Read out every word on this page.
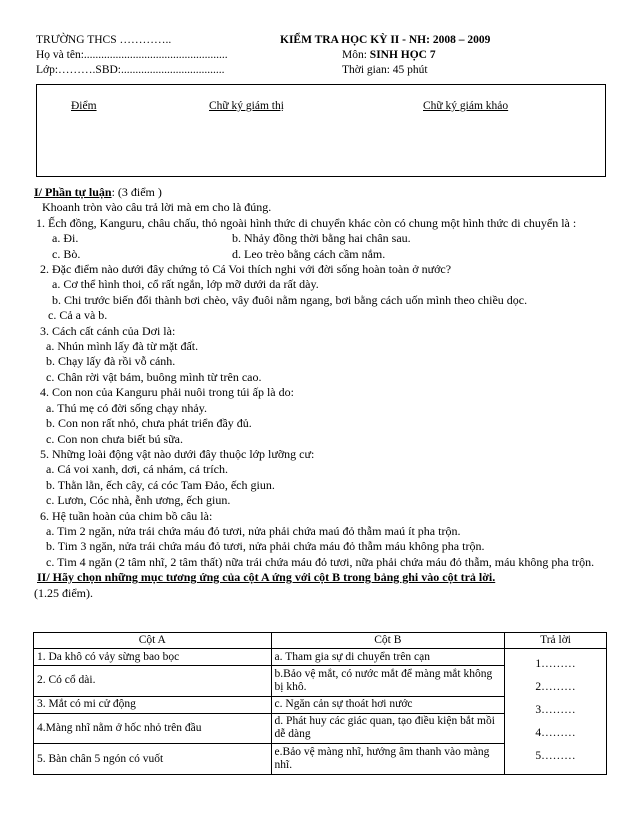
TRƯỜNG THCS …………..	KIỂM TRA HỌC KỲ II - NH: 2008 – 2009
Họ và tên:..................................................	Môn: SINH HỌC 7
Lớp:……….SBD:....................................	Thời gian: 45 phút
Điểm	Chữ ký giám thị	Chữ ký giám khảo

I/ Phần tự luận: (3 điểm )

Khoanh tròn vào câu trả lời mà em cho là đúng.

1. Ếch đồng, Kanguru, châu chấu, thỏ ngoài hình thức di chuyển khác còn có chung một hình thức di chuyển là :

a. Đi.	b. Nhảy đồng thời bằng hai chân sau.
c. Bò.	d. Leo trèo bằng cách cầm nắm.

2. Đặc điểm nào dưới đây chứng tỏ Cá Voi thích nghi với đời sống hoàn toàn ở nước?

a. Cơ thể hình thoi, cổ rất ngắn, lớp mỡ dưới da rất dày.

b. Chi trước biến đổi thành bơi chèo, vây đuôi nằm ngang, bơi bằng cách uốn mình theo chiều dọc.

c. Cả a và b.

3. Cách cất cánh của Dơi là:

a. Nhún mình lấy đà từ mặt đất.

b. Chạy lấy đà rồi vỗ cánh.

c. Chân rời vật bám, buông mình từ trên cao.

4. Con non của Kanguru phải nuôi trong túi ấp là do:

a. Thú mẹ có đời sống chạy nhảy.

b. Con non rất nhỏ, chưa phát triển đầy đủ.

c. Con non chưa biết bú sữa.

5. Những loài động vật nào dưới đây thuộc lớp lưỡng cư:

a. Cá voi xanh, dơi, cá nhám, cá trích.

b. Thằn lằn, ếch cây, cá cóc Tam Đảo, ếch giun.

c. Lươn, Cóc nhà, ễnh ương, ếch giun.

6. Hệ tuần hoàn của chim bồ câu là:

a. Tim 2 ngăn, nửa trái chứa máu đỏ tươi, nửa phải chứa maú đỏ thẫm maú ít pha trộn.

b. Tim 3 ngăn, nửa trái chứa máu đỏ tươi, nửa phải chứa máu đỏ thẫm máu không pha trộn.

c. Tim 4 ngăn (2 tâm nhĩ, 2 tâm thất) nữa trái chứa máu đỏ tươi, nữa phải chứa máu đỏ thẫm, máu không pha trộn.

II/ Hãy chọn những mục tương ứng của cột A ứng với cột B trong bảng ghi vào cột trả lời.

(1.25 điểm).

Cột A	Cột B	Trả lời
1. Da khô có vảy sừng bao bọc	a. Tham gia sự di chuyển trên cạn	1………
2………
3………
4………
5………

2. Có cổ dài.	b.Bảo vệ mắt, có nước mắt để màng mắt không bị khô.	
3. Mắt có mi cử động	c. Ngăn cản sự thoát hơi nước	
4.Màng nhĩ nằm ở hốc nhỏ trên đầu	d. Phát huy các giác quan, tạo điều kiện bắt mồi dễ dàng	
5. Bàn chân 5 ngón có vuốt	e.Bảo vệ màng nhĩ, hướng âm thanh vào màng nhĩ.	
